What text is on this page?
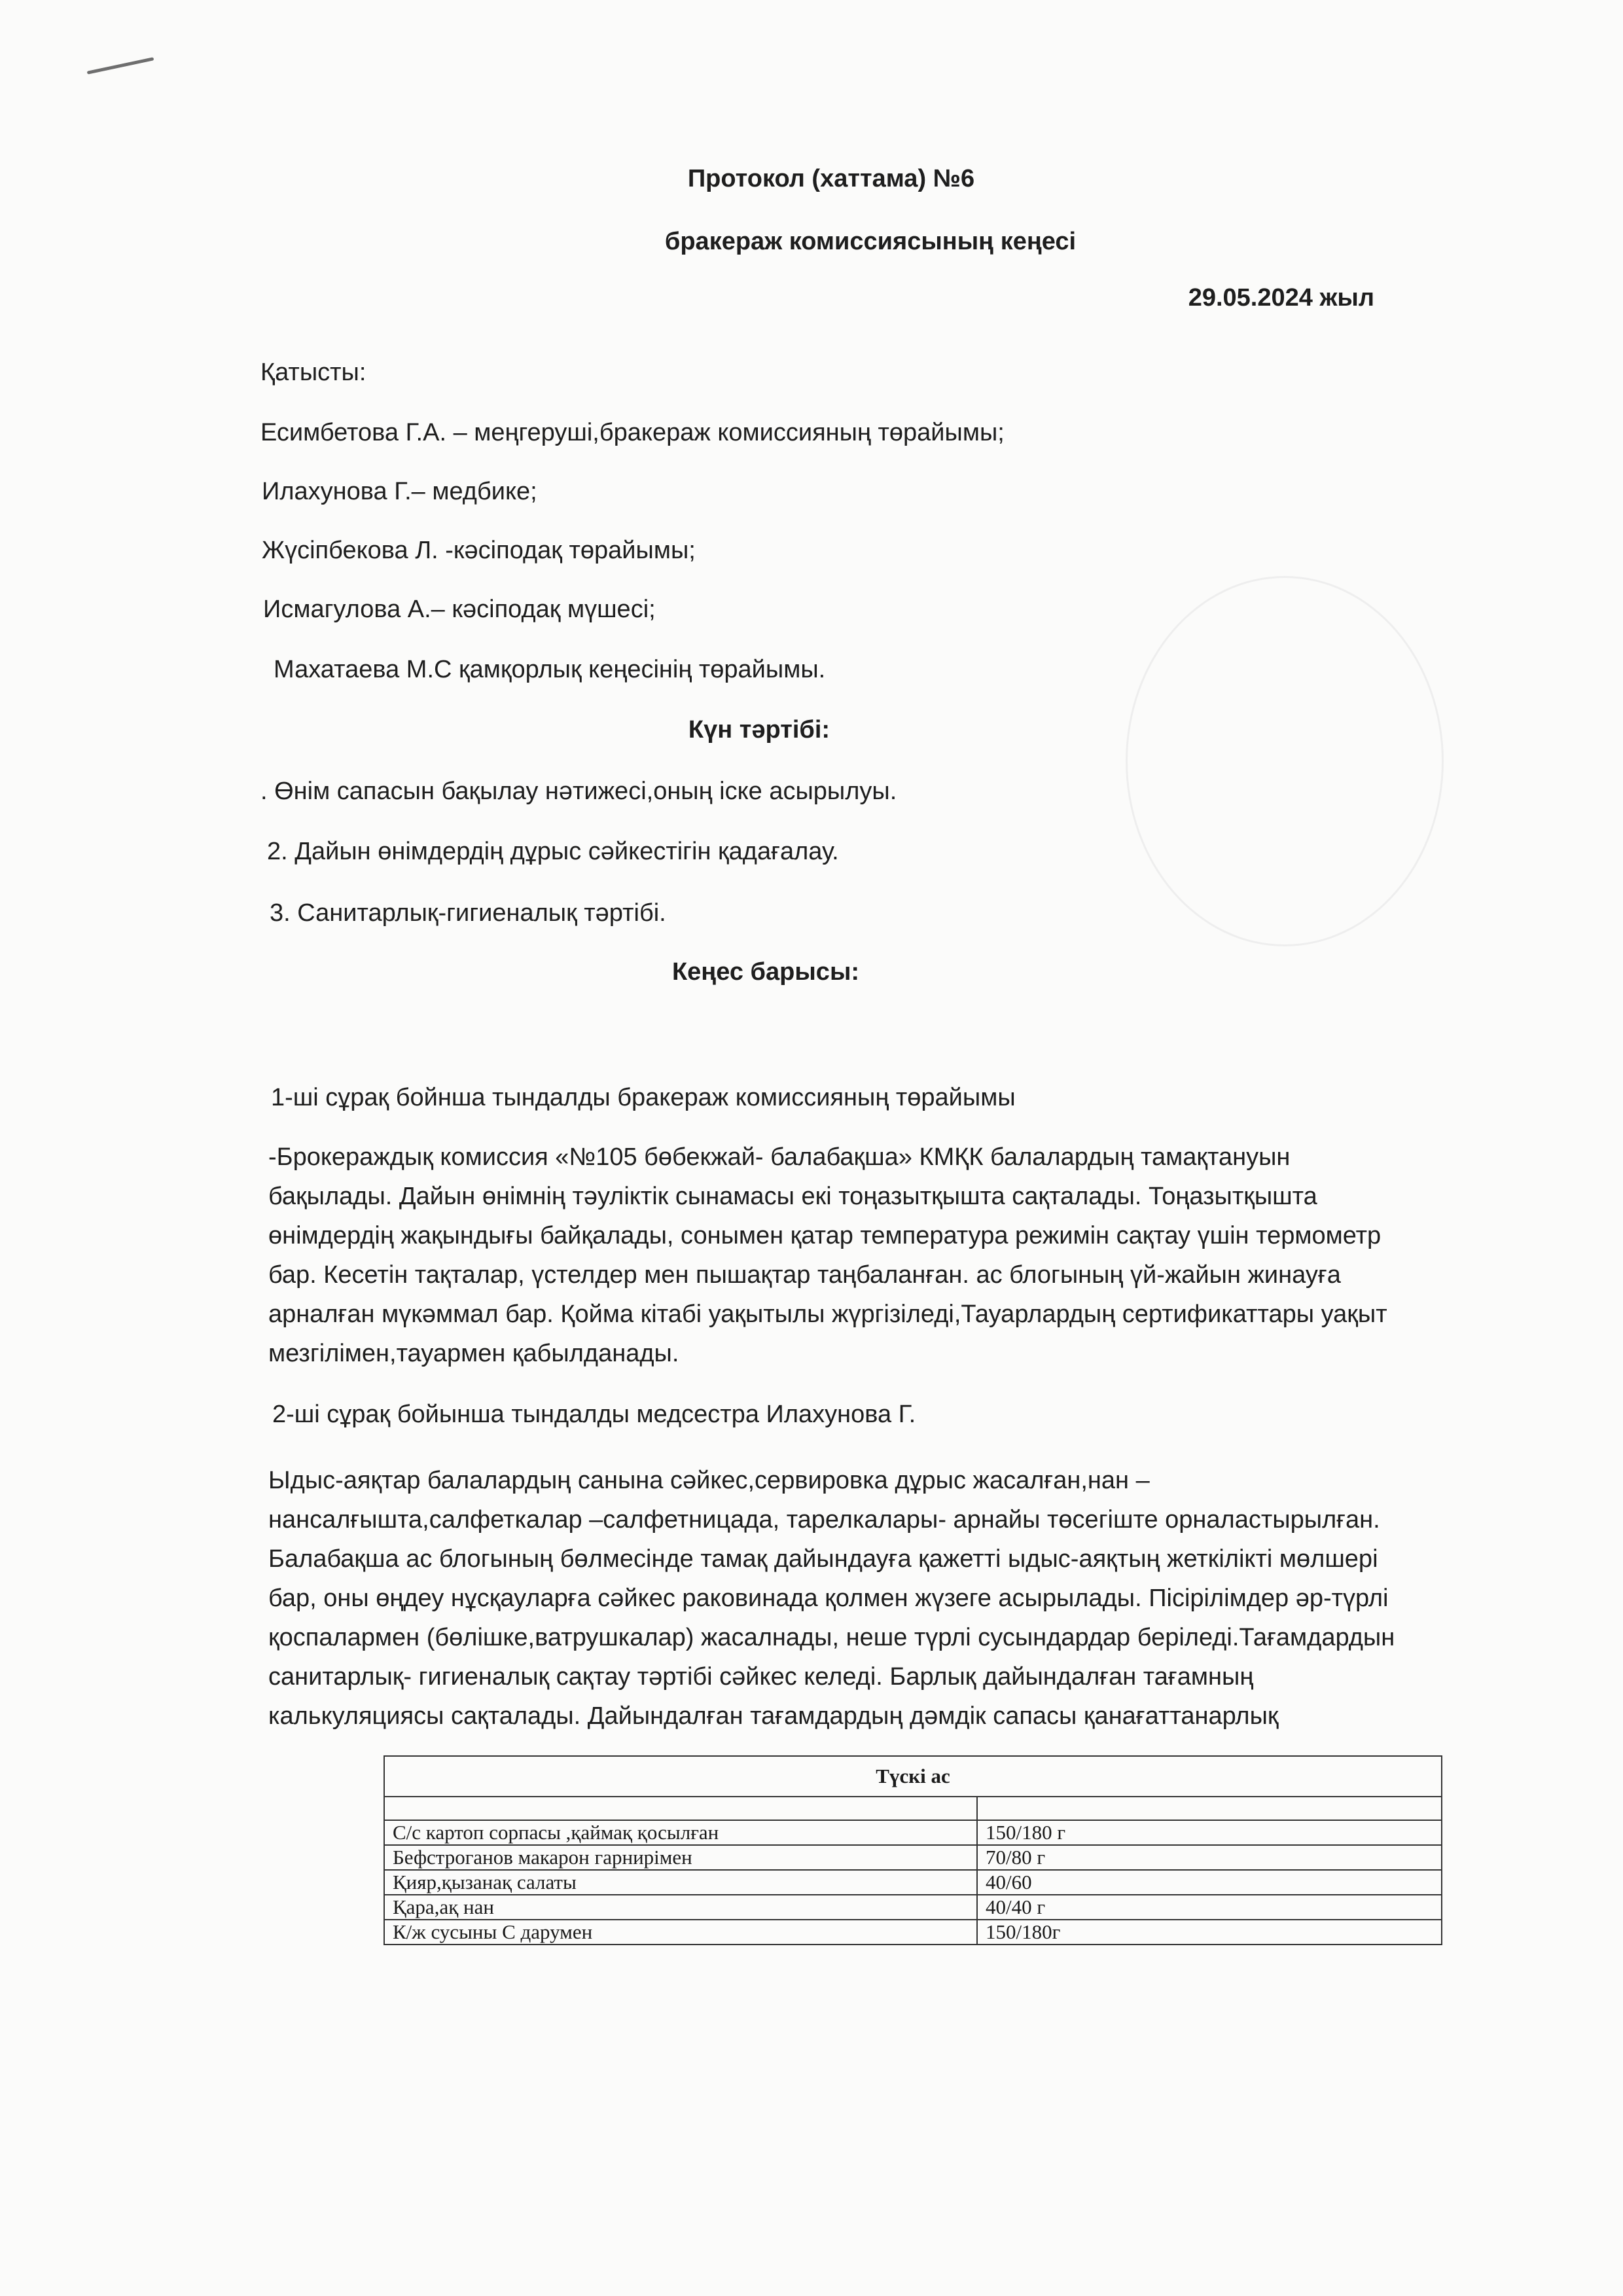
Протокол (хаттама) №6
бракераж комиссиясының кеңесі
29.05.2024 жыл
Қатысты:
Есимбетова Г.А. – меңгеруші,бракераж комиссияның төрайымы;
Илахунова Г.– медбике;
Жүсіпбекова Л. -кәсіподақ төрайымы;
Исмагулова А.– кәсіподақ мүшесі;
Махатаева М.С қамқорлық кеңесінің төрайымы.
Күн тәртібі:
. Өнім сапасын бақылау нәтижесі,оның іске асырылуы.
2. Дайын өнімдердің дұрыс сәйкестігін қадағалау.
3. Санитарлық-гигиеналық тәртібі.
Кеңес барысы:
1-ші сұрақ бойнша тындалды бракераж комиссияның төрайымы

-Брокераждық комиссия «№105 бөбекжай- балабақша» КМҚК балалардың тамақтануын

бақылады. Дайын өнімнің тәуліктік сынамасы екі тоңазытқышта сақталады. Тоңазытқышта

өнімдердің жақындығы байқалады, сонымен қатар температура режимін сақтау үшін термометр

бар. Кесетін тақталар, үстелдер мен пышақтар таңбаланған. ас блогының үй-жайын жинауға

арналған мүкәммал бар. Қойма кітабі уақытылы жүргізіледі,Тауарлардың сертификаттары уақыт

мезгілімен,тауармен қабылданады.

2-ші сұрақ бойынша тындалды медсестра Илахунова Г.

Ыдыс-аяқтар балалардың санына сәйкес,сервировка дұрыс жасалған,нан –

нансалғышта,салфеткалар –салфетницада, тарелкалары- арнайы төсегіште орналастырылған.

Балабақша ас блогының бөлмесінде тамақ дайындауға қажетті ыдыс-аяқтың жеткілікті мөлшері

бар, оны өңдеу нұсқауларға сәйкес раковинада қолмен жүзеге асырылады. Пісірілімдер әр-түрлі

қоспалармен (бөлішке,ватрушкалар) жасалнады, неше түрлі сусындардар беріледі.Тағамдардын

санитарлық- гигиеналық сақтау тәртібі сәйкес келеді. Барлық дайындалған тағамның

калькуляциясы сақталады. Дайындалған тағамдардың дәмдік сапасы қанағаттанарлық

Түскі ас	

С/с картоп сорпасы ,қаймақ қосылған	150/180 г
Бефстроганов макарон гарнирімен	70/80 г
Қияр,қызанақ салаты	40/60
Қара,ақ нан	40/40 г
К/ж сусыны С дарумен	150/180г
